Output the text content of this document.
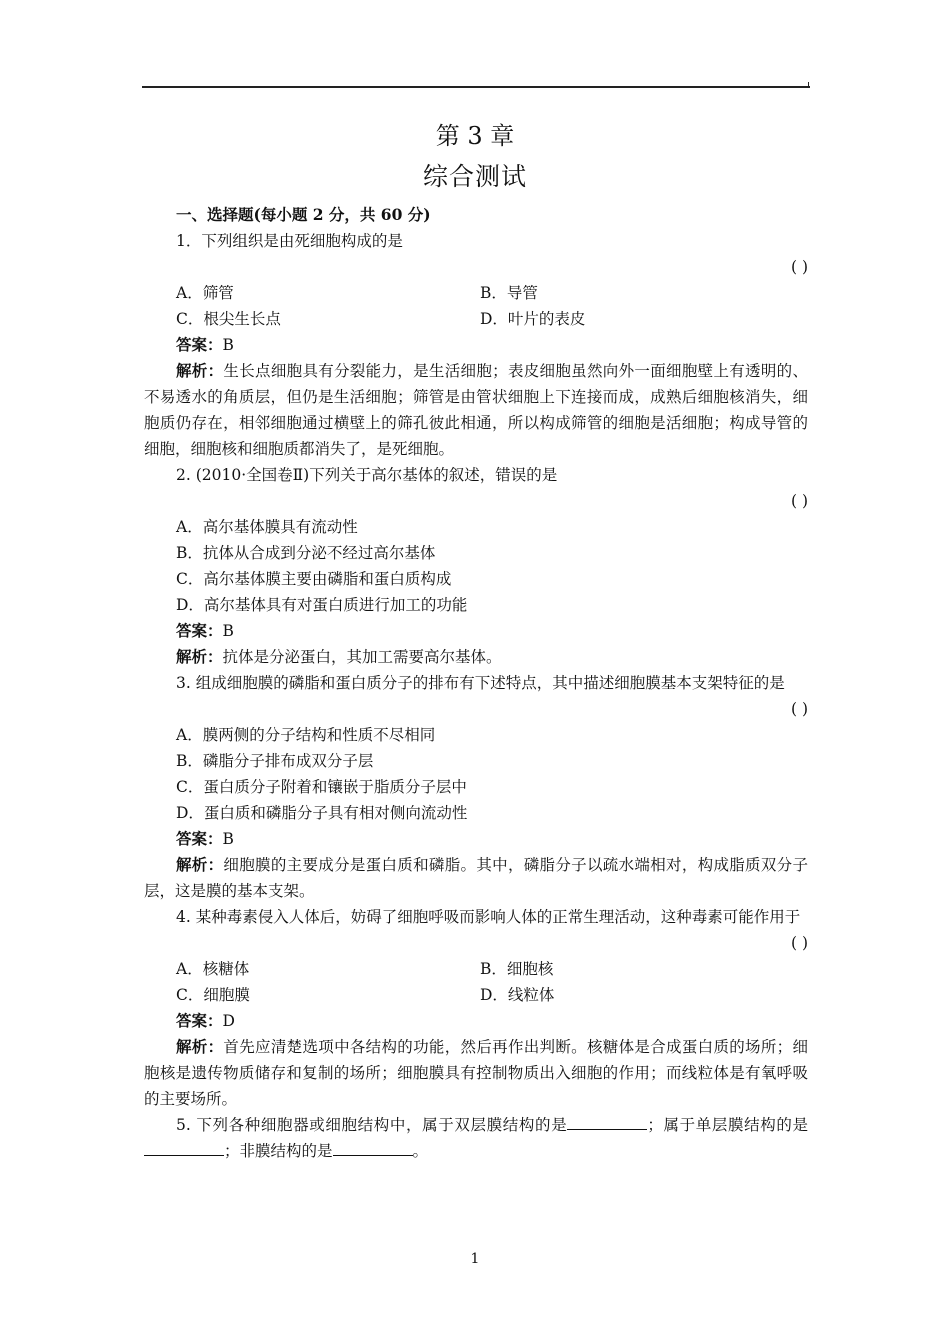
第 3 章
综合测试
一、选择题(每小题 2 分，共 60 分)
1．下列组织是由死细胞构成的是
( )
A．筛管	B．导管
C．根尖生长点	D．叶片的表皮
答案：B
解析：生长点细胞具有分裂能力，是生活细胞；表皮细胞虽然向外一面细胞壁上有透明的、不易透水的角质层，但仍是生活细胞；筛管是由管状细胞上下连接而成，成熟后细胞核消失，细胞质仍存在，相邻细胞通过横壁上的筛孔彼此相通，所以构成筛管的细胞是活细胞；构成导管的细胞，细胞核和细胞质都消失了，是死细胞。
2. (2010·全国卷Ⅱ)下列关于高尔基体的叙述，错误的是
( )
A．高尔基体膜具有流动性
B．抗体从合成到分泌不经过高尔基体
C．高尔基体膜主要由磷脂和蛋白质构成
D．高尔基体具有对蛋白质进行加工的功能
答案：B
解析：抗体是分泌蛋白，其加工需要高尔基体。
3. 组成细胞膜的磷脂和蛋白质分子的排布有下述特点，其中描述细胞膜基本支架特征的是
( )
A．膜两侧的分子结构和性质不尽相同
B．磷脂分子排布成双分子层
C．蛋白质分子附着和镶嵌于脂质分子层中
D．蛋白质和磷脂分子具有相对侧向流动性
答案：B
解析：细胞膜的主要成分是蛋白质和磷脂。其中，磷脂分子以疏水端相对，构成脂质双分子层，这是膜的基本支架。
4. 某种毒素侵入人体后，妨碍了细胞呼吸而影响人体的正常生理活动，这种毒素可能作用于
( )
A．核糖体	B．细胞核
C．细胞膜	D．线粒体
答案：D
解析：首先应清楚选项中各结构的功能，然后再作出判断。核糖体是合成蛋白质的场所；细胞核是遗传物质储存和复制的场所；细胞膜具有控制物质出入细胞的作用；而线粒体是有氧呼吸的主要场所。
5. 下列各种细胞器或细胞结构中，属于双层膜结构的是	；属于单层膜结构的是；非膜结构的是	。
1
